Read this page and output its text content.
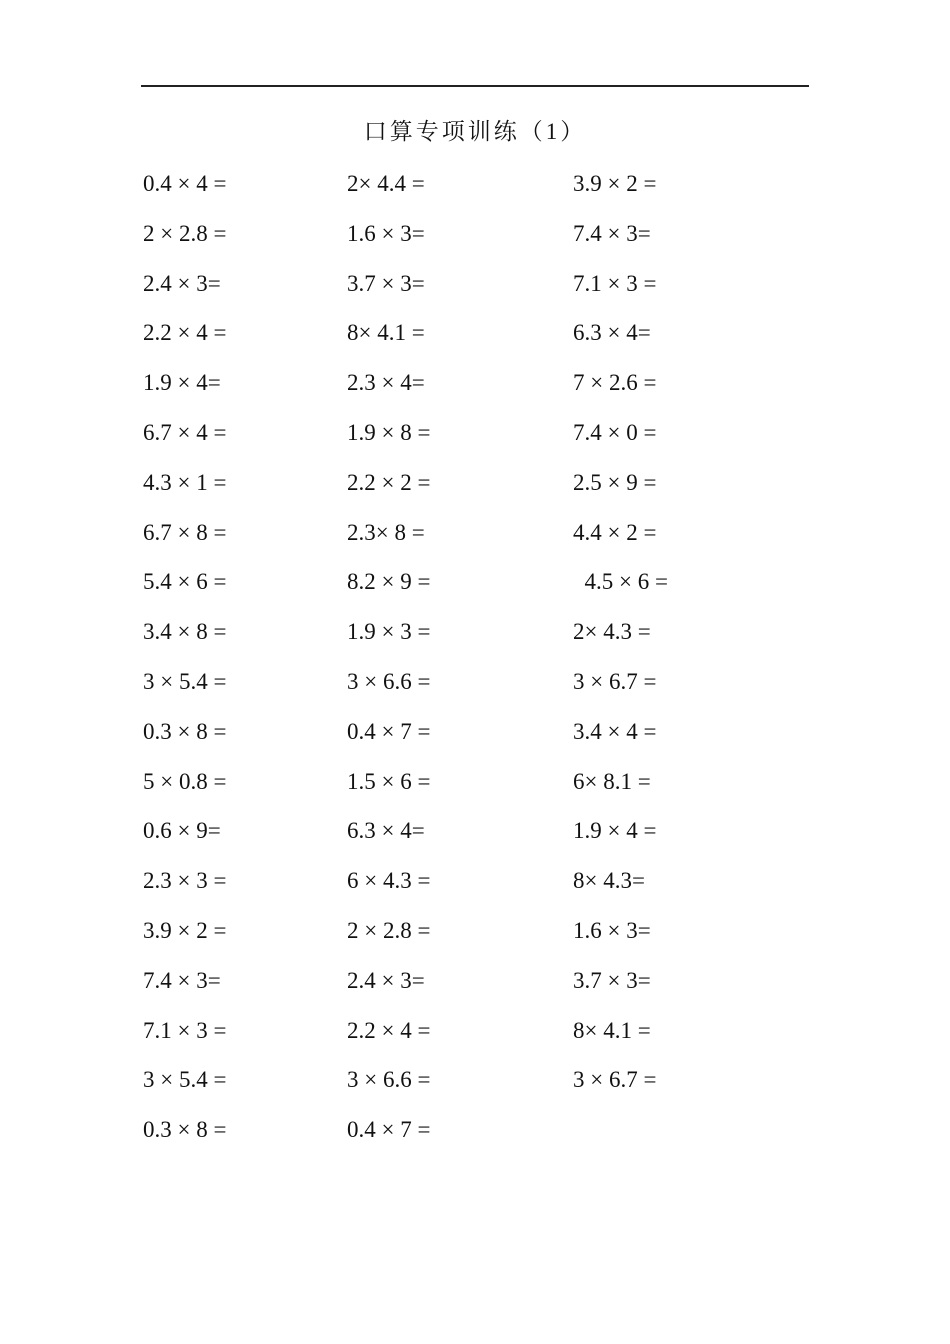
口算专项训练（1）
0.4 × 4 =
2 × 2.8 =
2.4 × 3=
2.2 × 4 =
1.9 × 4=
6.7 × 4 =
4.3 × 1 =
6.7 × 8 =
5.4 × 6 =
3.4 × 8 =
3 × 5.4 =
0.3 × 8 =
5 × 0.8 =
0.6 × 9=
2.3 × 3 =
3.9 × 2 =
7.4 × 3=
7.1 × 3 =
3 × 5.4 =
0.3 × 8 =
2× 4.4 =
1.6 × 3=
3.7 × 3=
8× 4.1 =
2.3 × 4=
1.9 × 8 =
2.2 × 2 =
2.3× 8 =
8.2 × 9 =
1.9 × 3 =
3 × 6.6 =
0.4 × 7 =
1.5 × 6 =
6.3 × 4=
6 × 4.3 =
2 × 2.8 =
2.4 × 3=
2.2 × 4 =
3 × 6.6 =
0.4 × 7 =
3.9 × 2 =
7.4 × 3=
7.1 × 3 =
6.3 × 4=
7 × 2.6 =
7.4 × 0 =
2.5 × 9 =
4.4 × 2 =
4.5 × 6 =
2× 4.3 =
3 × 6.7 =
3.4 × 4 =
6× 8.1 =
1.9 × 4 =
8× 4.3=
1.6 × 3=
3.7 × 3=
8× 4.1 =
3 × 6.7 =
